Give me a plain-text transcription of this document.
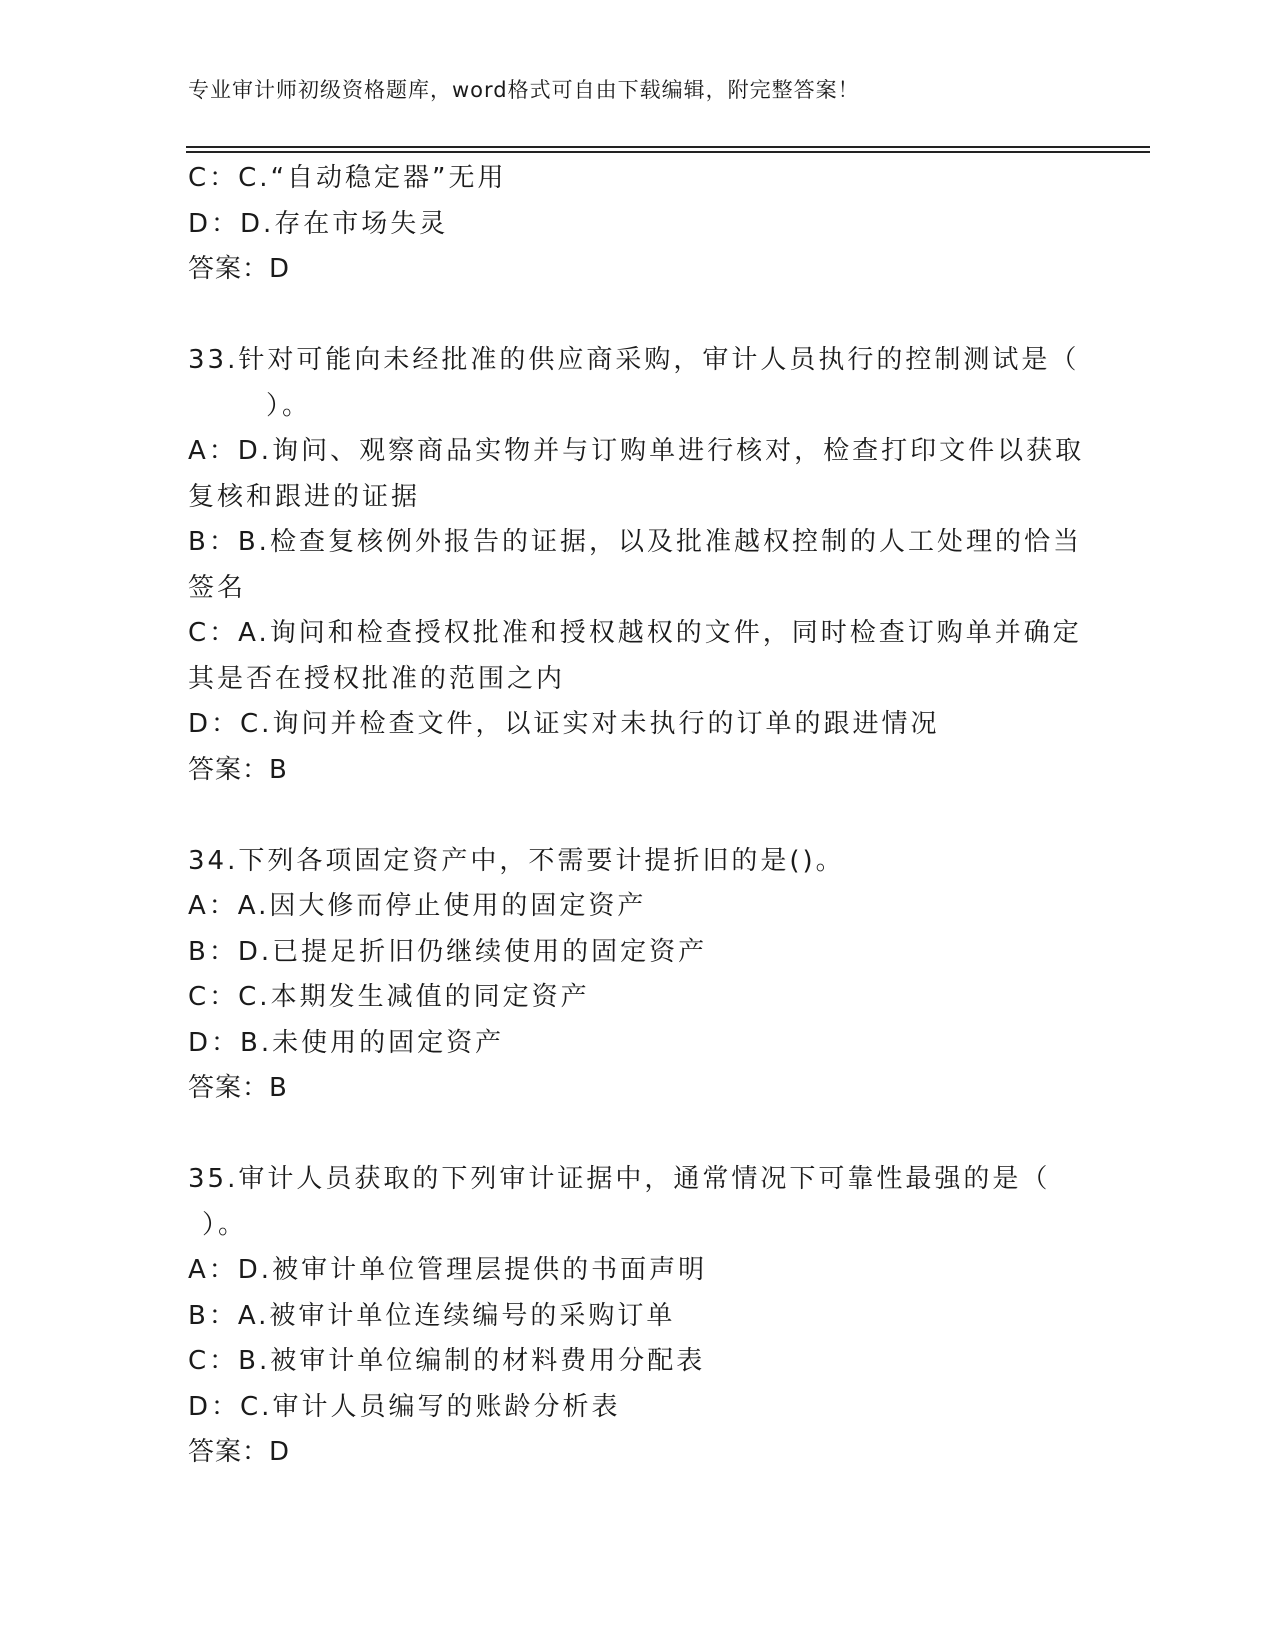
专业审计师初级资格题库，word格式可自由下载编辑，附完整答案！
C：C.“自动稳定器”无用
D：D.存在市场失灵
答案：D
33.针对可能向未经批准的供应商采购，审计人员执行的控制测试是（
）。
A：D.询问、观察商品实物并与订购单进行核对，检查打印文件以获取
复核和跟进的证据
B：B.检查复核例外报告的证据，以及批准越权控制的人工处理的恰当
签名
C：A.询问和检查授权批准和授权越权的文件，同时检查订购单并确定
其是否在授权批准的范围之内
D：C.询问并检查文件，以证实对未执行的订单的跟进情况
答案：B
34.下列各项固定资产中，不需要计提折旧的是()。
A：A.因大修而停止使用的固定资产
B：D.已提足折旧仍继续使用的固定资产
C：C.本期发生减值的同定资产
D：B.未使用的固定资产
答案：B
35.审计人员获取的下列审计证据中，通常情况下可靠性最强的是（
）。
A：D.被审计单位管理层提供的书面声明
B：A.被审计单位连续编号的采购订单
C：B.被审计单位编制的材料费用分配表
D：C.审计人员编写的账龄分析表
答案：D
